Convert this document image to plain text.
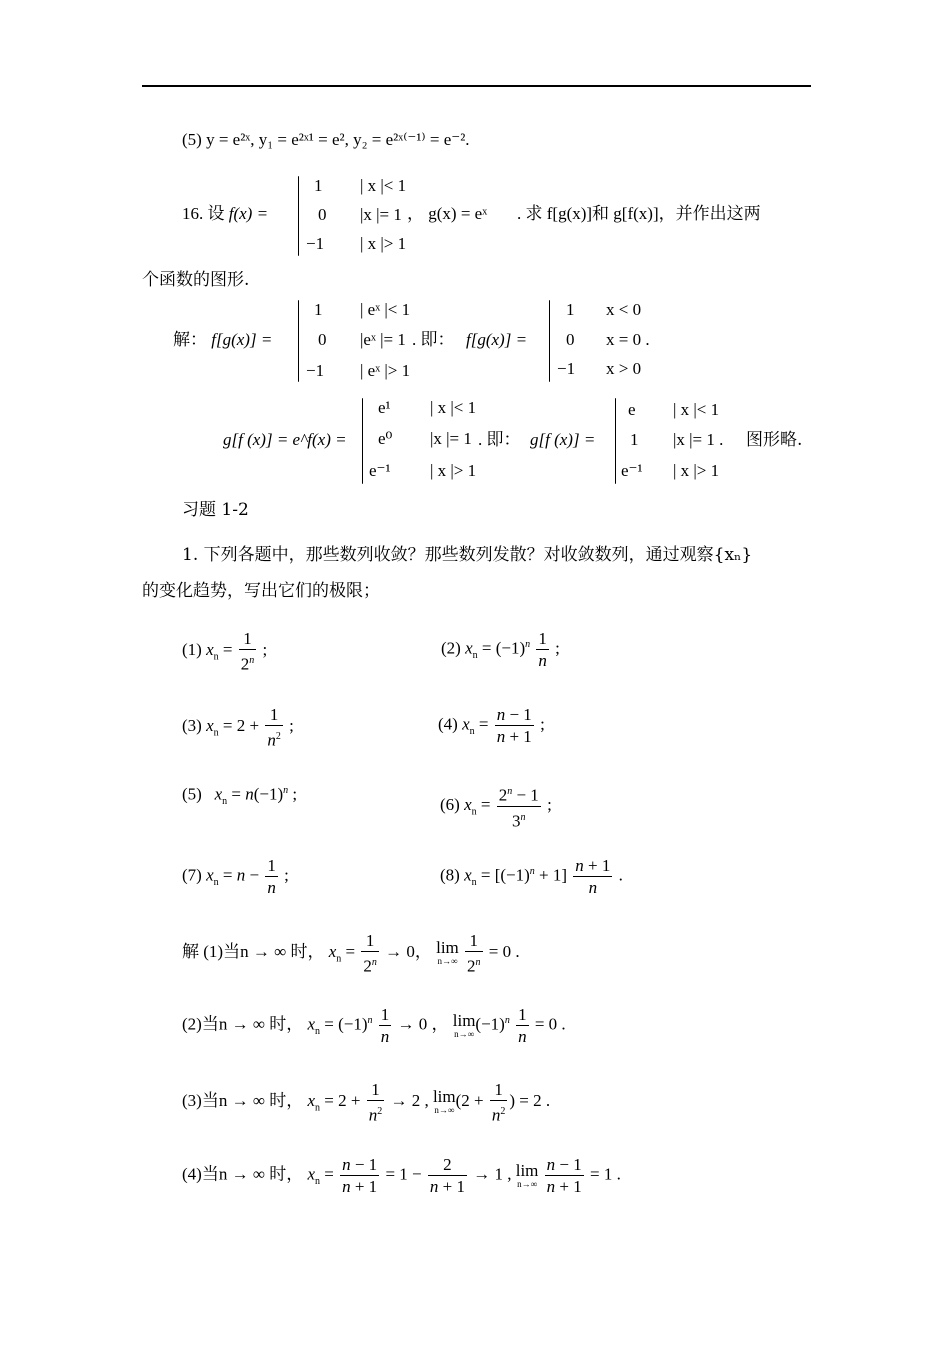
(5) y = e²ˣ, y₁ = e²ˣ¹ = e², y₂ = e²ˣ⁽⁻¹⁾ = e⁻².
16. 设 f(x) =
1 | x |< 1
0 |x |= 1
−1 | x |> 1
， g(x) = eˣ . 求 f[g(x)]和 g[f(x)]，并作出这两
个函数的图形.
解： f[g(x)] =
1 | eˣ |< 1
0 |eˣ |= 1
−1 | eˣ |> 1
. 即： f[g(x)] =
1 x < 0
0 x = 0 .
−1 x > 0
g[f (x)] = e^f(x) =
e¹ | x |< 1
e⁰ |x |= 1
e⁻¹ | x |> 1
. 即： g[f (x)] =
e | x |< 1
1 |x |= 1 .
e⁻¹ | x |> 1
图形略.
习题 1-2
1. 下列各题中，那些数列收敛？那些数列发散？对收敛数列，通过观察{xₙ}
的变化趋势，写出它们的极限；
(1) $x_n = \frac{1}{2^n}$ ;	(2) $x_n = (-1)^n \frac{1}{n}$ ;
(3) $x_n = 2 + \frac{1}{n^2}$ ;	(4) $x_n = \frac{n - 1}{n + 1}$ ;
(5) $x_n = n(-1)^n$ ;
(6) $x_n = \frac{2^n - 1}{3^n}$ ;
(7) $x_n = n - \frac{1}{n}$ ;	(8) $x_n = [(-1)^n + 1] \frac{n + 1}{n}$ .
解 (1)当n → ∞ 时， $x_n = \frac{1}{2^n} \to 0$， lim
n→∞
$\frac{1}{2^n} = 0$ .
(2)当n → ∞ 时， $x_n = (-1)^n \frac{1}{n} \to 0$ ， lim
n→∞
$(-1)^n \frac{1}{n} = 0$ .
(3)当n → ∞ 时， $x_n = 2 + \frac{1}{n^2} \to 2$ , lim
n→∞
($2 + \frac{1}{n^2}$ ) = 2 .
(4)当n → ∞ 时， $x_n = \frac{n - 1}{n + 1} = 1 - \frac{2}{n + 1} \to 1$ , lim
n→∞
$\frac{n - 1}{n + 1} = 1$ .
